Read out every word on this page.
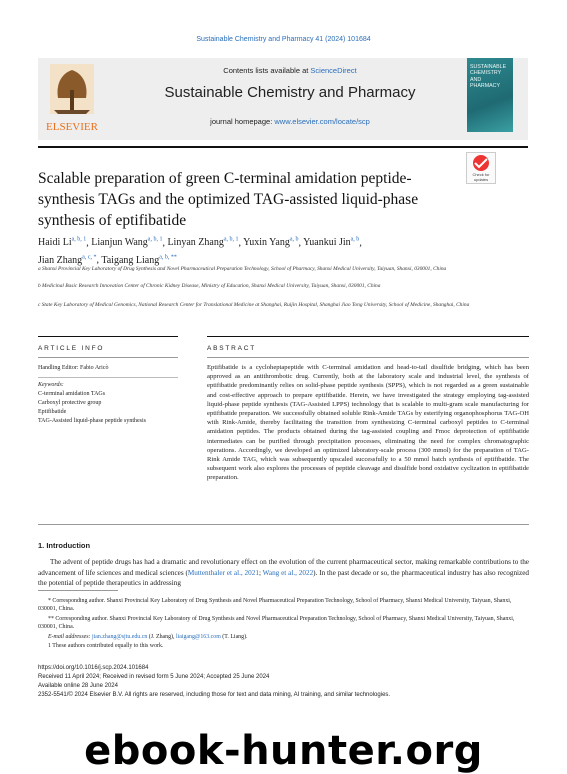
Sustainable Chemistry and Pharmacy 41 (2024) 101684
ELSEVIER
Contents lists available at ScienceDirect
Sustainable Chemistry and Pharmacy
journal homepage: www.elsevier.com/locate/scp
SUSTAINABLE CHEMISTRY AND PHARMACY
Check for updates
Scalable preparation of green C-terminal amidation peptide-synthesis TAGs and the optimized TAG-assisted liquid-phase synthesis of eptifibatide
Haidi Li$^{a, b, 1}$, Lianjun Wang$^{a, b, 1}$, Linyan Zhang$^{a, b, 1}$, Yuxin Yang$^{a, b}$, Yuankui Jin$^{a, b}$,
Jian Zhang$^{a, c, *}$, Taigang Liang$^{a, b, **}$
a Shanxi Provincial Key Laboratory of Drug Synthesis and Novel Pharmaceutical Preparation Technology, School of Pharmacy, Shanxi Medical University, Taiyuan, Shanxi, 030001, China
b Medicinal Basic Research Innovation Center of Chronic Kidney Disease, Ministry of Education, Shanxi Medical University, Taiyuan, Shanxi, 030001, China
c State Key Laboratory of Medical Genomics, National Research Center for Translational Medicine at Shanghai, Ruijin Hospital, Shanghai Jiao Tong University, School of Medicine, Shanghai, China
ARTICLE INFO
Handling Editor: Fabio Aricò
Keywords:
C-terminal amidation TAGs
Carboxyl protective group
Eptifibatide
TAG-Assisted liquid-phase peptide synthesis
ABSTRACT
Eptifibatide is a cycloheptapeptide with C-terminal amidation and head-to-tail disulfide bridging, which has been approved as an antithrombotic drug. Currently, both at the laboratory scale and industrial level, the synthesis of eptifibatide predominantly relies on solid-phase peptide synthesis (SPPS), which is not regarded as a green sustainable and cost-effective approach to prepare eptifibatide. Herein, we have investigated the strategy employing tag-assisted liquid-phase peptide synthesis (TAG-Assisted LPPS) technology that is scalable to multi-gram scale manufacturing for eptifibatide preparation. We successfully obtained soluble Rink-Amide TAGs by esterifying organophosphorus TAG-OH with Rink-Amide, thereby facilitating the transition from synthesizing C-terminal carboxyl peptides to C-terminal amidation peptides. The products obtained during the tag-assisted coupling and Fmoc deprotection of eptifibatide intermediates can be purified through precipitation processes, eliminating the need for complex chromatographic operations. Accordingly, we developed an optimized laboratory-scale process (300 mmol) for the preparation of TAG-Rink Amide TAG, which was subsequently upscaled successfully to a 50 mmol batch synthesis of eptifibatide. The subsequent work also explores the processes of peptide cleavage and disulfide bond oxidative cyclization in eptifibatide preparation.
1. Introduction
The advent of peptide drugs has had a dramatic and revolutionary effect on the evolution of the current pharmaceutical sector, making remarkable contributions to the advancement of life sciences and medical sciences (Muttenthaler et al., 2021; Wang et al., 2022). In the past decade or so, the pharmaceutical industry has also recognized the potential of peptide therapeutics in addressing
* Corresponding author. Shanxi Provincial Key Laboratory of Drug Synthesis and Novel Pharmaceutical Preparation Technology, School of Pharmacy, Shanxi Medical University, Taiyuan, Shanxi, 030001, China.
** Corresponding author. Shanxi Provincial Key Laboratory of Drug Synthesis and Novel Pharmaceutical Preparation Technology, School of Pharmacy, Shanxi Medical University, Taiyuan, Shanxi, 030001, China.
E-mail addresses: jian.zhang@sjtu.edu.cn (J. Zhang), liaigang@163.com (T. Liang).
1 These authors contributed equally to this work.
https://doi.org/10.1016/j.scp.2024.101684
Received 11 April 2024; Received in revised form 5 June 2024; Accepted 25 June 2024
Available online 28 June 2024
2352-5541/© 2024 Elsevier B.V. All rights are reserved, including those for text and data mining, AI training, and similar technologies.
ebook-hunter.org
